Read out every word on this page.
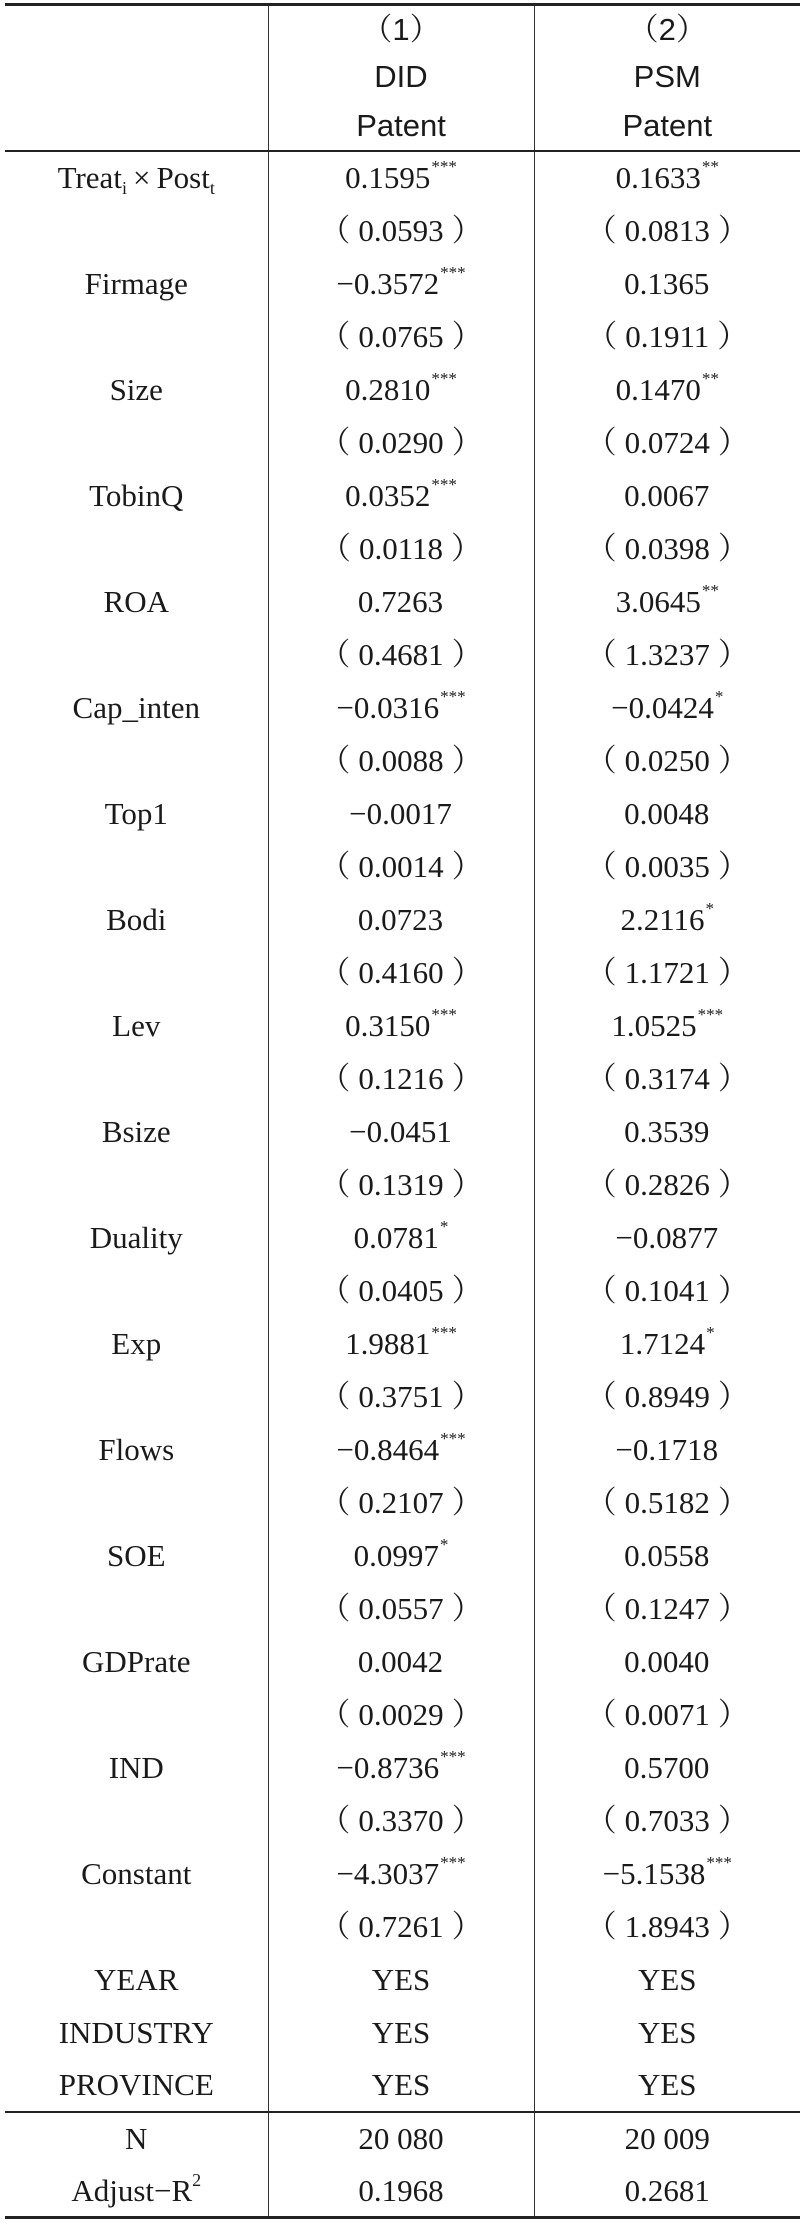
	（1）	（2）
	DID	PSM
	Patent	Patent
Treati × Postt	0.1595***	0.1633**
	（ 0.0593 ）	（ 0.0813 ）
Firmage	−0.3572***	0.1365
	（ 0.0765 ）	（ 0.1911 ）
Size	0.2810***	0.1470**
	（ 0.0290 ）	（ 0.0724 ）
TobinQ	0.0352***	0.0067
	（ 0.0118 ）	（ 0.0398 ）
ROA	0.7263	3.0645**
	（ 0.4681 ）	（ 1.3237 ）
Cap_inten	−0.0316***	−0.0424*
	（ 0.0088 ）	（ 0.0250 ）
Top1	−0.0017	0.0048
	（ 0.0014 ）	（ 0.0035 ）
Bodi	0.0723	2.2116*
	（ 0.4160 ）	（ 1.1721 ）
Lev	0.3150***	1.0525***
	（ 0.1216 ）	（ 0.3174 ）
Bsize	−0.0451	0.3539
	（ 0.1319 ）	（ 0.2826 ）
Duality	0.0781*	−0.0877
	（ 0.0405 ）	（ 0.1041 ）
Exp	1.9881***	1.7124*
	（ 0.3751 ）	（ 0.8949 ）
Flows	−0.8464***	−0.1718
	（ 0.2107 ）	（ 0.5182 ）
SOE	0.0997*	0.0558
	（ 0.0557 ）	（ 0.1247 ）
GDPrate	0.0042	0.0040
	（ 0.0029 ）	（ 0.0071 ）
IND	−0.8736***	0.5700
	（ 0.3370 ）	（ 0.7033 ）
Constant	−4.3037***	−5.1538***
	（ 0.7261 ）	（ 1.8943 ）
YEAR	YES	YES
INDUSTRY	YES	YES
PROVINCE	YES	YES
N	20 080	20 009
$Adjust-R^2$	0.1968	0.2681
